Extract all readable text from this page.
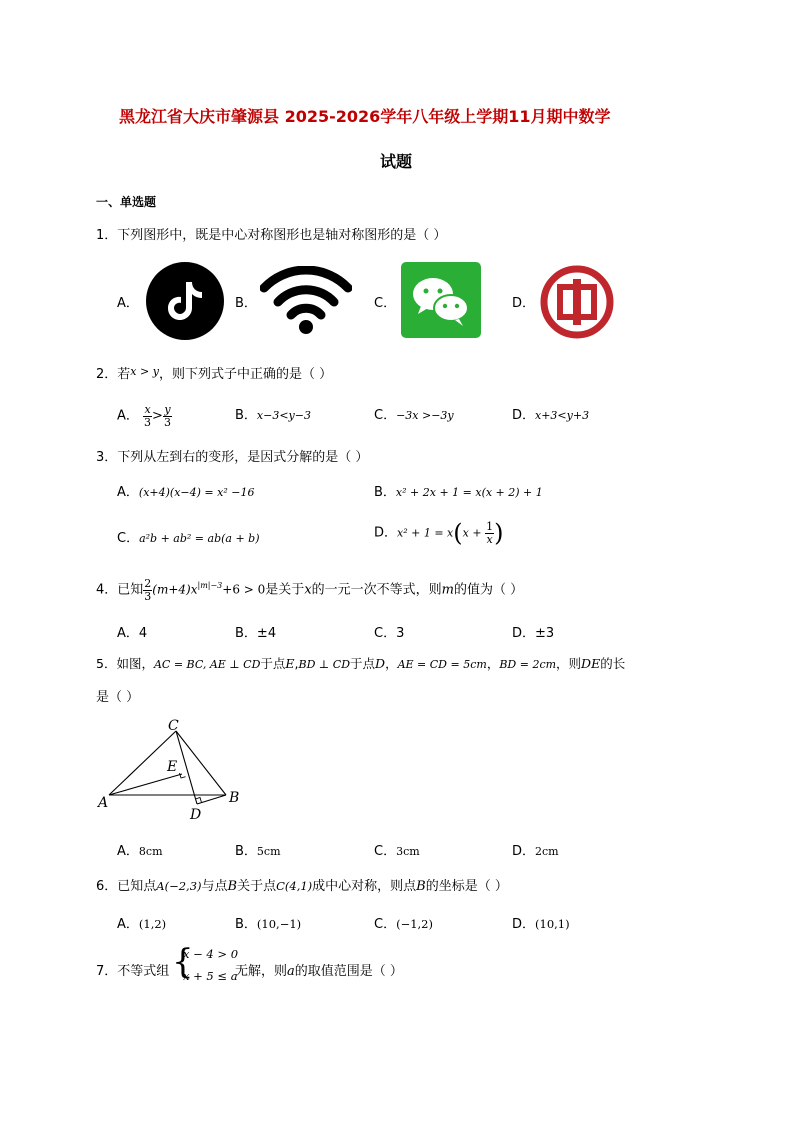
黑龙江省大庆市肇源县 2025-2026学年八年级上学期11月期中数学
试题
一、单选题
1．下列图形中，既是中心对称图形也是轴对称图形的是（ ）
A．	B．	C．	D．
2．若$^{x > y}$，则下列式子中正确的是（ ）
A． $\frac{x}{3} > \frac{y}{3}$	B．x−3<y−3	C．−3x >−3y	D．x+3<y+3
3．下列从左到右的变形，是因式分解的是（ ）
A．(x+4)(x−4) = x² −16	B．x² + 2x + 1 = x(x + 2) + 1
C．a²b + ab² = ab(a + b)	D．$x^2 + 1 = x(x + \frac{1}{x}$ )
4．已知 $\frac{2}{3} (m+4)x^{|m|-3}+6 > 0$是关于x的一元一次不等式，则m的值为（ ）
A．4	B．±4	C．3	D．±3
5．如图，AC = BC, AE ⊥ CD于点E,BD ⊥ CD于点D，AE = CD = 5cm，BD = 2cm，则DE的长
是（ ）
C
E
A	B
D
A．8cm	B．5cm	C．3cm	D．2cm
6．已知点A(−2,3)与点B关于点C(4,1)成中心对称，则点B的坐标是（ ）
A．(1,2)	B．(10,−1)	C．(−1,2)	D．(10,1)
7．不等式组 {
x − 4 > 0
x + 5 ≤ a
无解，则a的取值范围是（ ）
